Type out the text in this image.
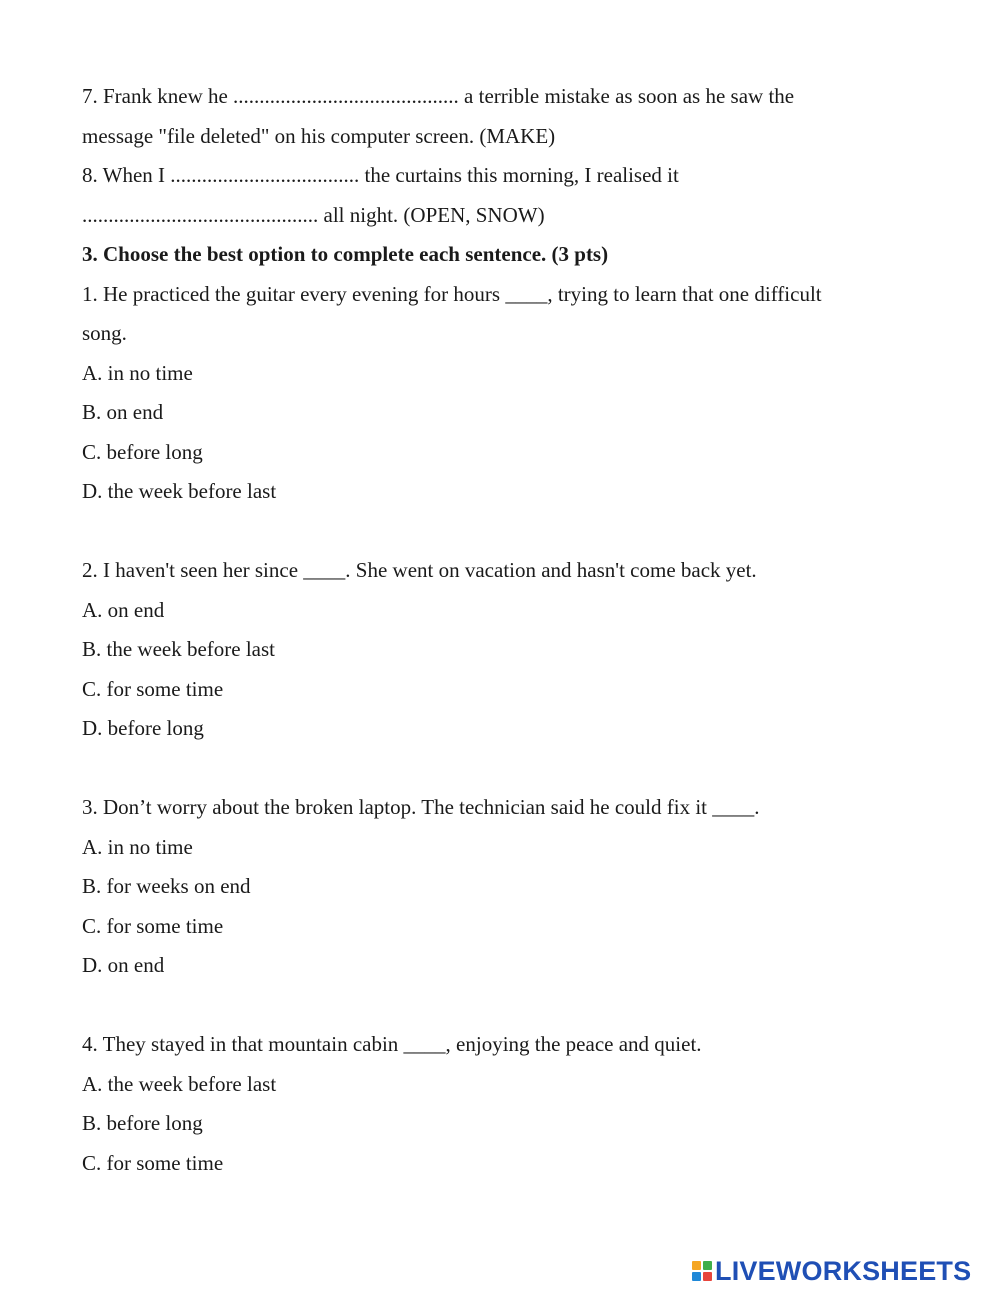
7. Frank knew he ........................................... a terrible mistake as soon as he saw the
message "file deleted" on his computer screen. (MAKE)
8. When I .................................... the curtains this morning, I realised it
............................................. all night. (OPEN, SNOW)
3. Choose the best option to complete each sentence. (3 pts)
1. He practiced the guitar every evening for hours ____, trying to learn that one difficult
song.
A. in no time
B. on end
C. before long
D. the week before last
2. I haven't seen her since ____. She went on vacation and hasn't come back yet.
A. on end
B. the week before last
C. for some time
D. before long
3. Don’t worry about the broken laptop. The technician said he could fix it ____.
A. in no time
B. for weeks on end
C. for some time
D. on end
4. They stayed in that mountain cabin ____, enjoying the peace and quiet.
A. the week before last
B. before long
C. for some time
LIVEWORKSHEETS
